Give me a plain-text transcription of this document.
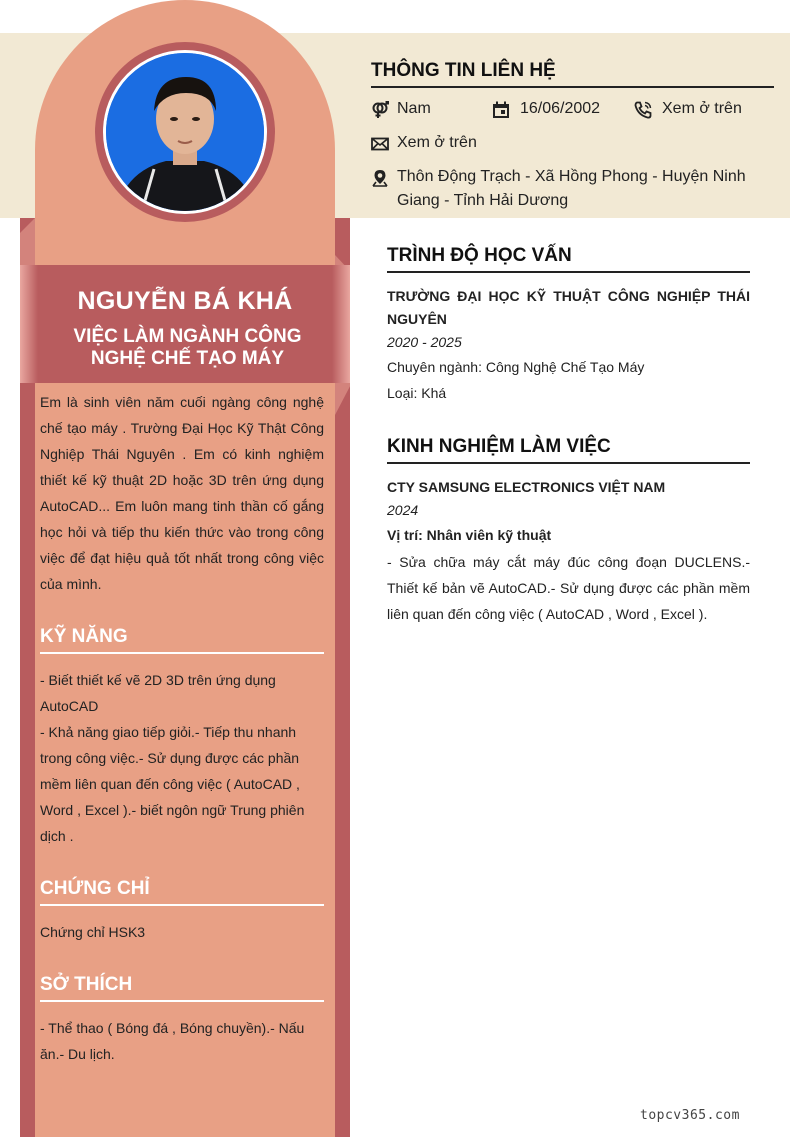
NGUYỄN BÁ KHÁ
VIỆC LÀM NGÀNH CÔNG NGHỆ CHẾ TẠO MÁY

Em là sinh viên năm cuối ngàng công nghệ chế tạo máy . Trường Đại Học Kỹ Thật Công Nghiệp Thái Nguyên . Em có kinh nghiệm thiết kế kỹ thuật 2D hoặc 3D trên ứng dụng AutoCAD... Em luôn mang tinh thần cố gắng học hỏi và tiếp thu kiến thức vào trong công việc để đạt hiệu quả tốt nhất trong công việc của mình.

KỸ NĂNG

- Biết thiết kế vẽ 2D 3D trên ứng dụng AutoCAD

- Khả năng giao tiếp giỏi.- Tiếp thu nhanh trong công việc.- Sử dụng được các phần mềm liên quan đến công việc ( AutoCAD , Word , Excel ).- biết ngôn ngữ Trung phiên dịch .

CHỨNG CHỈ

Chứng chỉ HSK3

SỞ THÍCH

- Thể thao ( Bóng đá , Bóng chuyền).- Nấu ăn.- Du lịch.

THÔNG TIN LIÊN HỆ
Nam	16/06/2002	Xem ở trên
Xem ở trên
Thôn Động Trạch - Xã Hồng Phong - Huyện Ninh Giang - Tỉnh Hải Dương
TRÌNH ĐỘ HỌC VẤN

TRƯỜNG ĐẠI HỌC KỸ THUẬT CÔNG NGHIỆP THÁI NGUYÊN

2020 - 2025

Chuyên ngành: Công Nghệ Chế Tạo Máy

Loại: Khá

KINH NGHIỆM LÀM VIỆC

CTY SAMSUNG ELECTRONICS VIỆT NAM

2024

Vị trí: Nhân viên kỹ thuật

- Sửa chữa máy cắt máy đúc công đoạn DUCLENS.- Thiết kế bản vẽ AutoCAD.- Sử dụng được các phần mềm liên quan đến công việc ( AutoCAD , Word , Excel ).

topcv365.com
